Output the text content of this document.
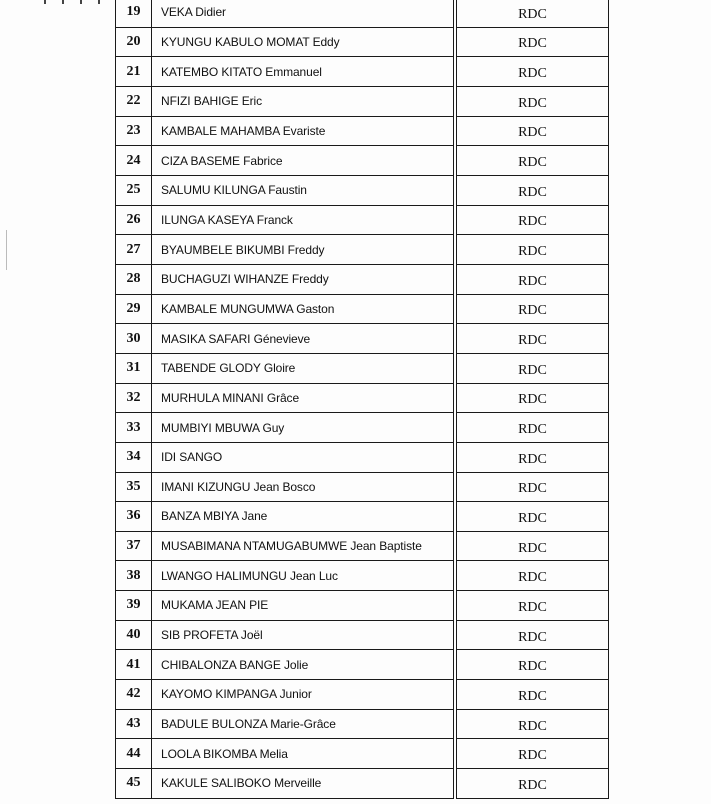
19	VEKA Didier		RDC
20	KYUNGU KABULO MOMAT Eddy		RDC
21	KATEMBO KITATO Emmanuel		RDC
22	NFIZI BAHIGE Eric		RDC
23	KAMBALE MAHAMBA Evariste		RDC
24	CIZA BASEME Fabrice		RDC
25	SALUMU KILUNGA Faustin		RDC
26	ILUNGA KASEYA Franck		RDC
27	BYAUMBELE BIKUMBI Freddy		RDC
28	BUCHAGUZI WIHANZE Freddy		RDC
29	KAMBALE MUNGUMWA Gaston		RDC
30	MASIKA SAFARI Génevieve		RDC
31	TABENDE GLODY Gloire		RDC
32	MURHULA MINANI Grâce		RDC
33	MUMBIYI MBUWA Guy		RDC
34	IDI SANGO		RDC
35	IMANI KIZUNGU Jean Bosco		RDC
36	BANZA MBIYA Jane		RDC
37	MUSABIMANA NTAMUGABUMWE Jean Baptiste		RDC
38	LWANGO HALIMUNGU Jean Luc		RDC
39	MUKAMA JEAN PIE		RDC
40	SIB PROFETA Joël		RDC
41	CHIBALONZA BANGE Jolie		RDC
42	KAYOMO KIMPANGA Junior		RDC
43	BADULE BULONZA Marie-Grâce		RDC
44	LOOLA BIKOMBA Melia		RDC
45	KAKULE SALIBOKO Merveille		RDC
